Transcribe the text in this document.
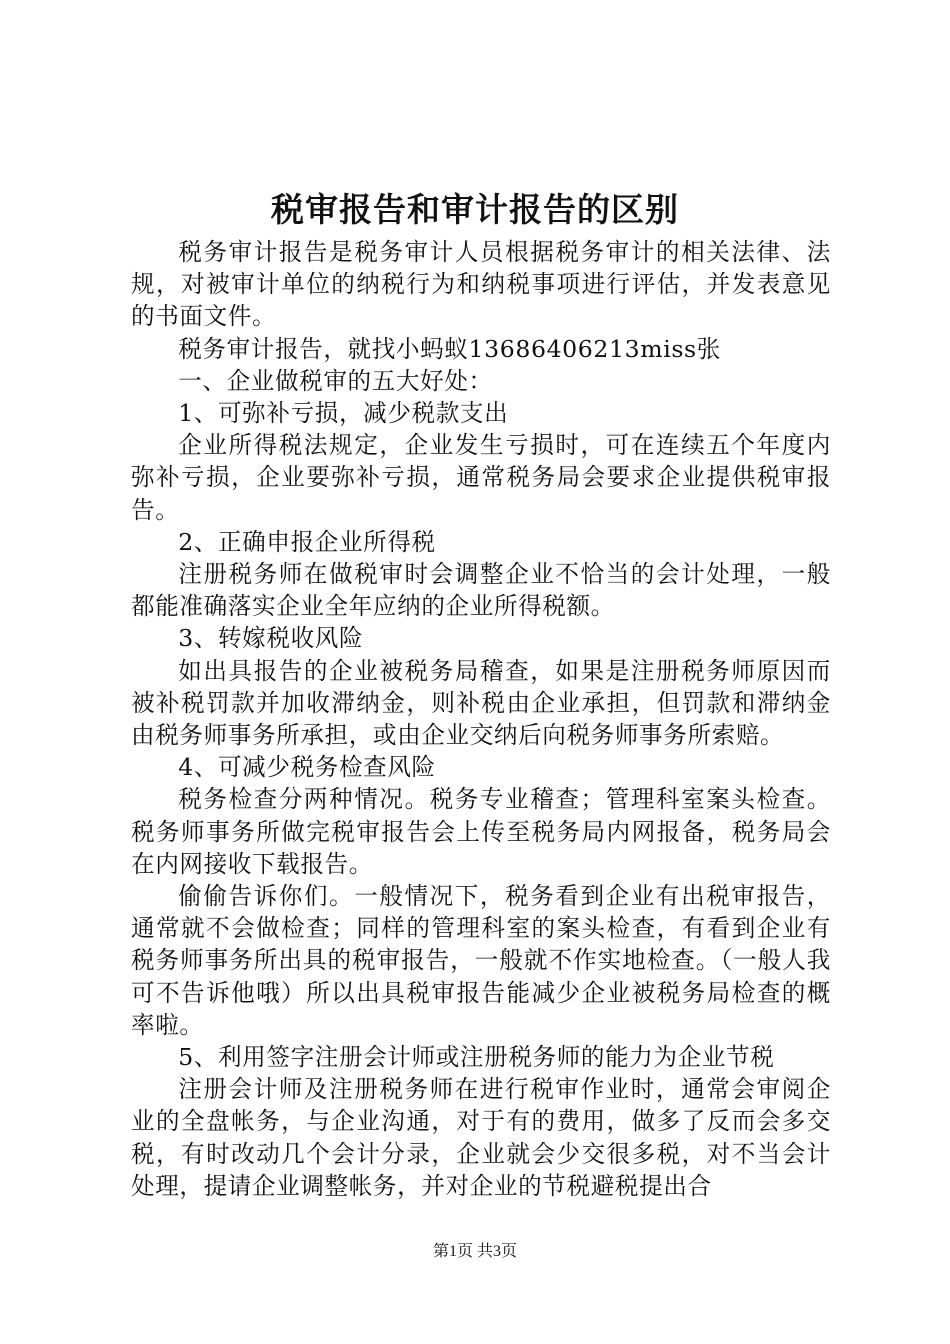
税审报告和审计报告的区别

税务审计报告是税务审计人员根据税务审计的相关法律、法规，对被审计单位的纳税行为和纳税事项进行评估，并发表意见的书面文件。

税务审计报告，就找小蚂蚁13686406213miss张

一、企业做税审的五大好处：

1、可弥补亏损，减少税款支出

企业所得税法规定，企业发生亏损时，可在连续五个年度内弥补亏损，企业要弥补亏损，通常税务局会要求企业提供税审报告。

2、正确申报企业所得税

注册税务师在做税审时会调整企业不恰当的会计处理，一般都能准确落实企业全年应纳的企业所得税额。

3、转嫁税收风险

如出具报告的企业被税务局稽查，如果是注册税务师原因而被补税罚款并加收滞纳金，则补税由企业承担，但罚款和滞纳金由税务师事务所承担，或由企业交纳后向税务师事务所索赔。

4、可减少税务检查风险

税务检查分两种情况。税务专业稽查；管理科室案头检查。税务师事务所做完税审报告会上传至税务局内网报备，税务局会在内网接收下载报告。

偷偷告诉你们。一般情况下，税务看到企业有出税审报告，通常就不会做检查；同样的管理科室的案头检查，有看到企业有税务师事务所出具的税审报告，一般就不作实地检查。（一般人我可不告诉他哦）所以出具税审报告能减少企业被税务局检查的概率啦。

5、利用签字注册会计师或注册税务师的能力为企业节税

注册会计师及注册税务师在进行税审作业时，通常会审阅企业的全盘帐务，与企业沟通，对于有的费用，做多了反而会多交税，有时改动几个会计分录，企业就会少交很多税，对不当会计处理，提请企业调整帐务，并对企业的节税避税提出合

第1页 共3页
